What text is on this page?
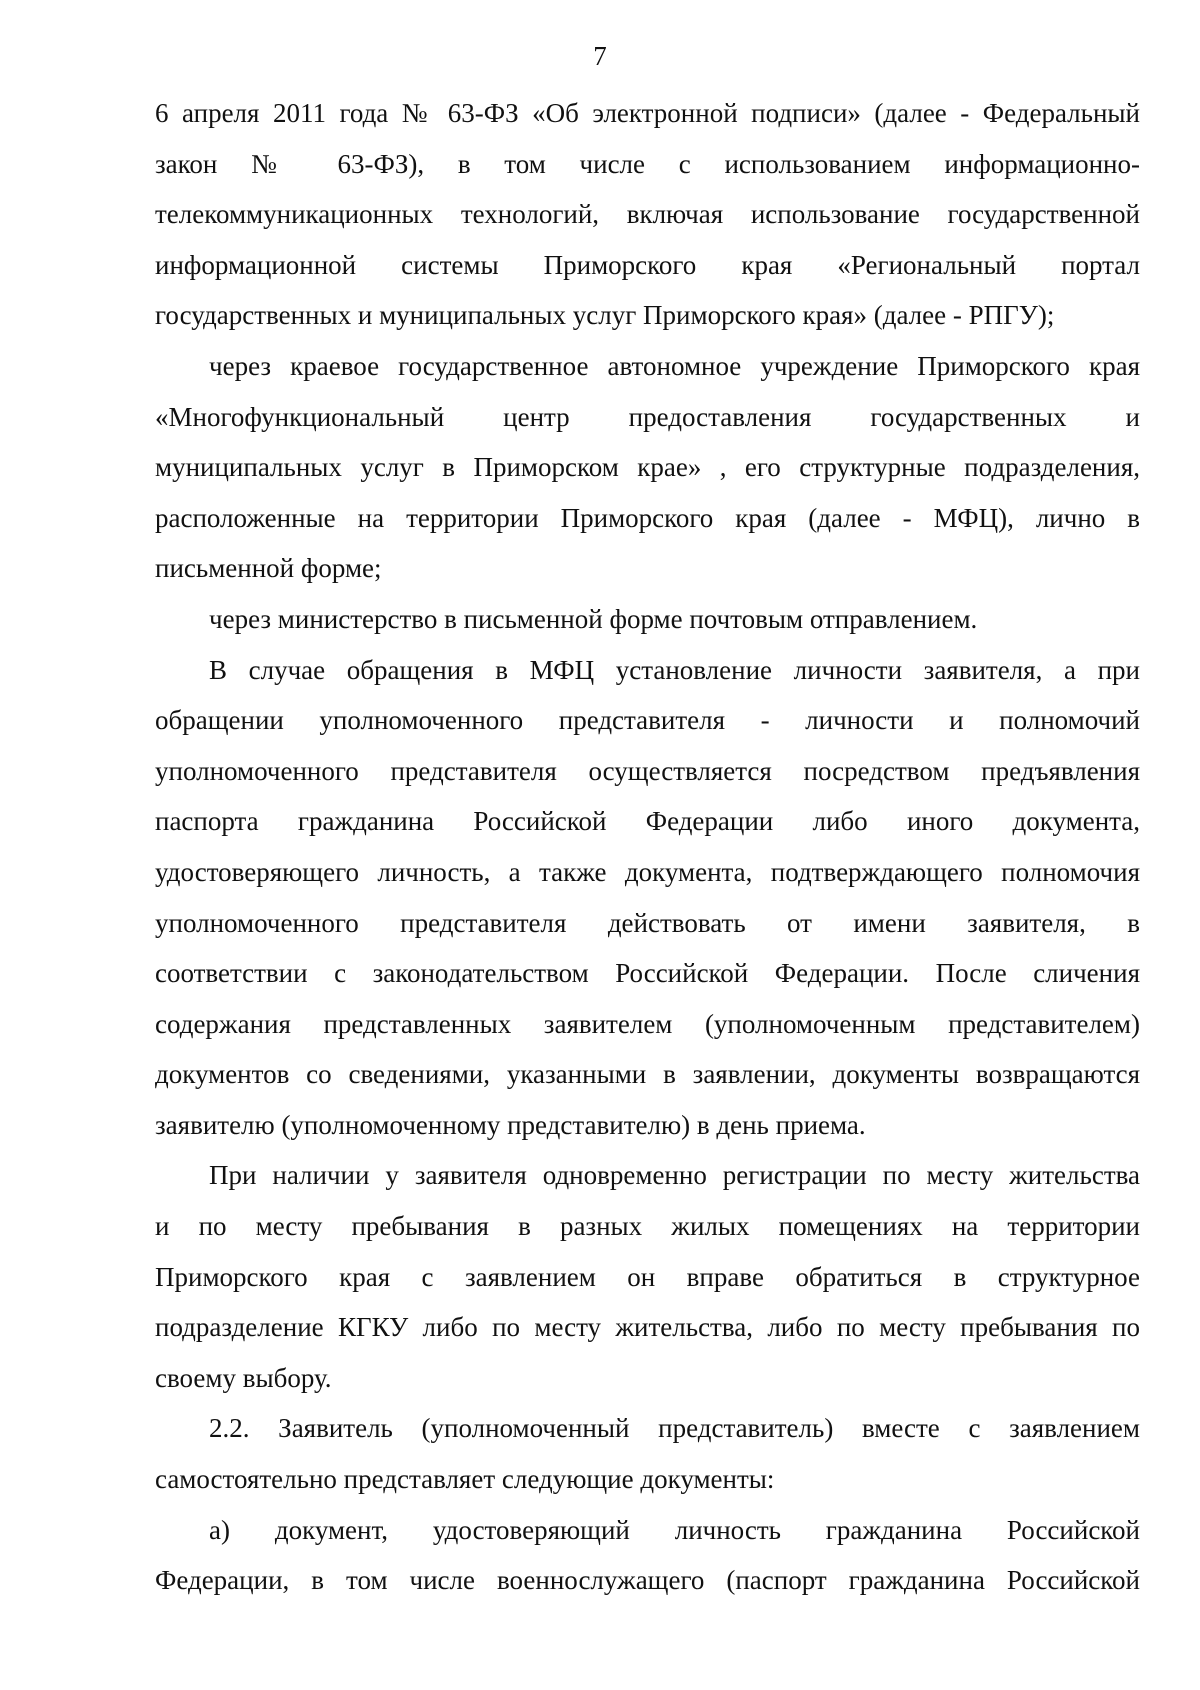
7
6 апреля 2011 года № 63-ФЗ «Об электронной подписи» (далее - Федеральный
закон № 63-ФЗ), в том числе с использованием информационно-
телекоммуникационных технологий, включая использование государственной
информационной системы Приморского края «Региональный портал
государственных и муниципальных услуг Приморского края» (далее - РПГУ);
через краевое государственное автономное учреждение Приморского края
«Многофункциональный центр предоставления государственных и
муниципальных услуг в Приморском крае» , его структурные подразделения,
расположенные на территории Приморского края (далее - МФЦ), лично в
письменной форме;
через министерство в письменной форме почтовым отправлением.
В случае обращения в МФЦ установление личности заявителя, а при
обращении уполномоченного представителя - личности и полномочий
уполномоченного представителя осуществляется посредством предъявления
паспорта гражданина Российской Федерации либо иного документа,
удостоверяющего личность, а также документа, подтверждающего полномочия
уполномоченного представителя действовать от имени заявителя, в
соответствии с законодательством Российской Федерации. После сличения
содержания представленных заявителем (уполномоченным представителем)
документов со сведениями, указанными в заявлении, документы возвращаются
заявителю (уполномоченному представителю) в день приема.
При наличии у заявителя одновременно регистрации по месту жительства
и по месту пребывания в разных жилых помещениях на территории
Приморского края с заявлением он вправе обратиться в структурное
подразделение КГКУ либо по месту жительства, либо по месту пребывания по
своему выбору.
2.2. Заявитель (уполномоченный представитель) вместе с заявлением
самостоятельно представляет следующие документы:
а) документ, удостоверяющий личность гражданина Российской
Федерации, в том числе военнослужащего (паспорт гражданина Российской
